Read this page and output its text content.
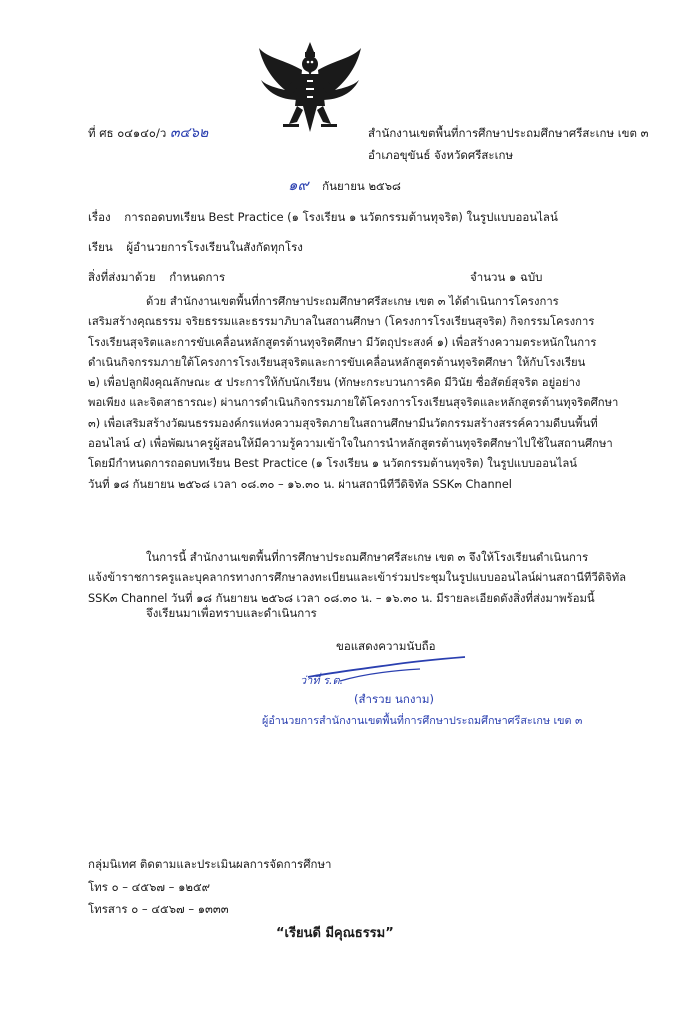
ที่ ศธ ๐๔๑๔๐/ว ๓๔๖๒	สำนักงานเขตพื้นที่การศึกษาประถมศึกษาศรีสะเกษ เขต ๓
อำเภอขุขันธ์ จังหวัดศรีสะเกษ
๑๙ กันยายน ๒๕๖๘
เรื่อง การถอดบทเรียน Best Practice (๑ โรงเรียน ๑ นวัตกรรมต้านทุจริต) ในรูปแบบออนไลน์
เรียน ผู้อำนวยการโรงเรียนในสังกัดทุกโรง
สิ่งที่ส่งมาด้วย กำหนดการ	จำนวน ๑ ฉบับ
ด้วย สำนักงานเขตพื้นที่การศึกษาประถมศึกษาศรีสะเกษ เขต ๓ ได้ดำเนินการโครงการ
เสริมสร้างคุณธรรม จริยธรรมและธรรมาภิบาลในสถานศึกษา (โครงการโรงเรียนสุจริต) กิจกรรมโครงการ
โรงเรียนสุจริตและการขับเคลื่อนหลักสูตรต้านทุจริตศึกษา มีวัตถุประสงค์ ๑) เพื่อสร้างความตระหนักในการ
ดำเนินกิจกรรมภายใต้โครงการโรงเรียนสุจริตและการขับเคลื่อนหลักสูตรต้านทุจริตศึกษา ให้กับโรงเรียน
๒) เพื่อปลูกฝังคุณลักษณะ ๕ ประการให้กับนักเรียน (ทักษะกระบวนการคิด มีวินัย ซื่อสัตย์สุจริต อยู่อย่าง
พอเพียง และจิตสาธารณะ) ผ่านการดำเนินกิจกรรมภายใต้โครงการโรงเรียนสุจริตและหลักสูตรต้านทุจริตศึกษา
๓) เพื่อเสริมสร้างวัฒนธรรมองค์กรแห่งความสุจริตภายในสถานศึกษามีนวัตกรรมสร้างสรรค์ความดีบนพื้นที่
ออนไลน์ ๔) เพื่อพัฒนาครูผู้สอนให้มีความรู้ความเข้าใจในการนำหลักสูตรต้านทุจริตศึกษาไปใช้ในสถานศึกษา
โดยมีกำหนดการถอดบทเรียน Best Practice (๑ โรงเรียน ๑ นวัตกรรมต้านทุจริต) ในรูปแบบออนไลน์
วันที่ ๑๘ กันยายน ๒๕๖๘ เวลา ๐๘.๓๐ – ๑๖.๓๐ น. ผ่านสถานีทีวีดิจิทัล SSK๓ Channel
ในการนี้ สำนักงานเขตพื้นที่การศึกษาประถมศึกษาศรีสะเกษ เขต ๓ จึงให้โรงเรียนดำเนินการ
แจ้งข้าราชการครูและบุคลากรทางการศึกษาลงทะเบียนและเข้าร่วมประชุมในรูปแบบออนไลน์ผ่านสถานีทีวีดิจิทัล
SSK๓ Channel วันที่ ๑๘ กันยายน ๒๕๖๘ เวลา ๐๘.๓๐ น. – ๑๖.๓๐ น. มีรายละเอียดดังสิ่งที่ส่งมาพร้อมนี้
จึงเรียนมาเพื่อทราบและดำเนินการ
ขอแสดงความนับถือ
ว่าที่ ร.ต.
(สำรวย นกงาม)
ผู้อำนวยการสำนักงานเขตพื้นที่การศึกษาประถมศึกษาศรีสะเกษ เขต ๓
กลุ่มนิเทศ ติดตามและประเมินผลการจัดการศึกษา
โทร ๐ – ๔๕๖๗ – ๑๒๕๙
โทรสาร ๐ – ๔๕๖๗ – ๑๓๓๓
“เรียนดี มีคุณธรรม”
